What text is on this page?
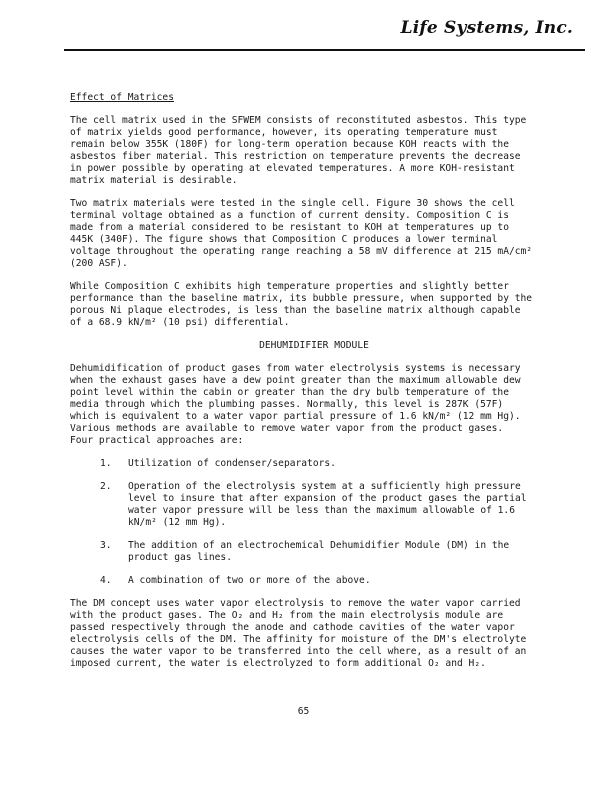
Life Systems, Inc.

Effect of Matrices

The cell matrix used in the SFWEM consists of reconstituted asbestos. This type
of matrix yields good performance, however, its operating temperature must
remain below 355K (180F) for long-term operation because KOH reacts with the
asbestos fiber material. This restriction on temperature prevents the decrease
in power possible by operating at elevated temperatures. A more KOH-resistant
matrix material is desirable.

Two matrix materials were tested in the single cell. Figure 30 shows the cell
terminal voltage obtained as a function of current density. Composition C is
made from a material considered to be resistant to KOH at temperatures up to
445K (340F). The figure shows that Composition C produces a lower terminal
voltage throughout the operating range reaching a 58 mV difference at 215 mA/cm²
(200 ASF).

While Composition C exhibits high temperature properties and slightly better
performance than the baseline matrix, its bubble pressure, when supported by the
porous Ni plaque electrodes, is less than the baseline matrix although capable
of a 68.9 kN/m² (10 psi) differential.

DEHUMIDIFIER MODULE

Dehumidification of product gases from water electrolysis systems is necessary
when the exhaust gases have a dew point greater than the maximum allowable dew
point level within the cabin or greater than the dry bulb temperature of the
media through which the plumbing passes. Normally, this level is 287K (57F)
which is equivalent to a water vapor partial pressure of 1.6 kN/m² (12 mm Hg).
Various methods are available to remove water vapor from the product gases.
Four practical approaches are:

1.	Utilization of condenser/separators.
2.	Operation of the electrolysis system at a sufficiently high pressure
level to insure that after expansion of the product gases the partial
water vapor pressure will be less than the maximum allowable of 1.6
kN/m² (12 mm Hg).
3.	The addition of an electrochemical Dehumidifier Module (DM) in the
product gas lines.
4.	A combination of two or more of the above.

The DM concept uses water vapor electrolysis to remove the water vapor carried
with the product gases. The O₂ and H₂ from the main electrolysis module are
passed respectively through the anode and cathode cavities of the water vapor
electrolysis cells of the DM. The affinity for moisture of the DM's electrolyte
causes the water vapor to be transferred into the cell where, as a result of an
imposed current, the water is electrolyzed to form additional O₂ and H₂.

65
